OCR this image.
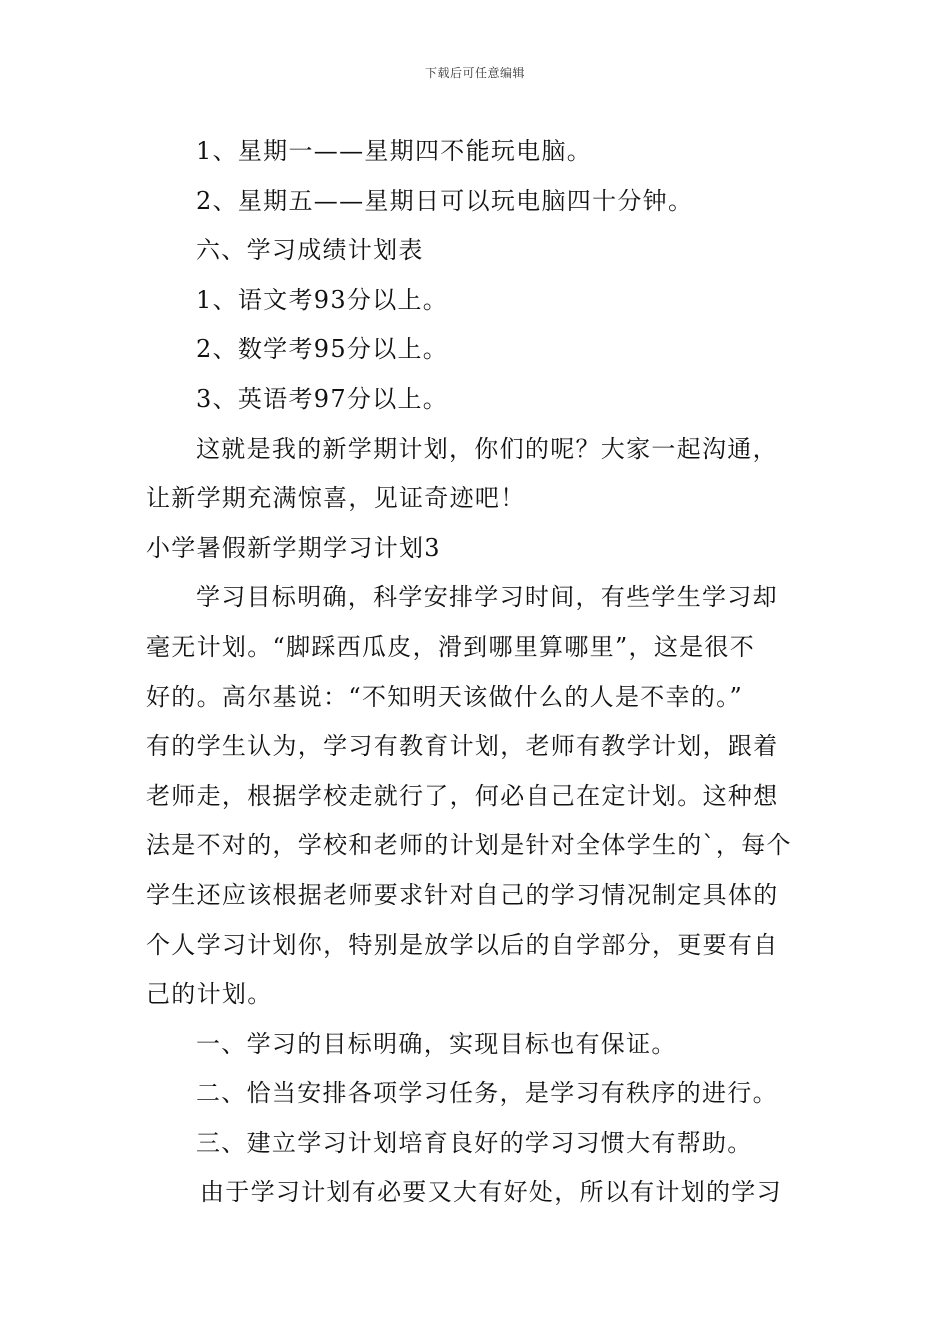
下载后可任意编辑
1、星期一——星期四不能玩电脑。
2、星期五——星期日可以玩电脑四十分钟。
六、学习成绩计划表
1、语文考93分以上。
2、数学考95分以上。
3、英语考97分以上。
这就是我的新学期计划，你们的呢？大家一起沟通，
让新学期充满惊喜，见证奇迹吧！
小学暑假新学期学习计划3
学习目标明确，科学安排学习时间，有些学生学习却
毫无计划。“脚踩西瓜皮，滑到哪里算哪里”，这是很不
好的。高尔基说：“不知明天该做什么的人是不幸的。”
有的学生认为，学习有教育计划，老师有教学计划，跟着
老师走，根据学校走就行了，何必自己在定计划。这种想
法是不对的，学校和老师的计划是针对全体学生的`，每个
学生还应该根据老师要求针对自己的学习情况制定具体的
个人学习计划你，特别是放学以后的自学部分，更要有自
己的计划。
一、学习的目标明确，实现目标也有保证。
二、恰当安排各项学习任务，是学习有秩序的进行。
三、建立学习计划培育良好的学习习惯大有帮助。
由于学习计划有必要又大有好处，所以有计划的学习
